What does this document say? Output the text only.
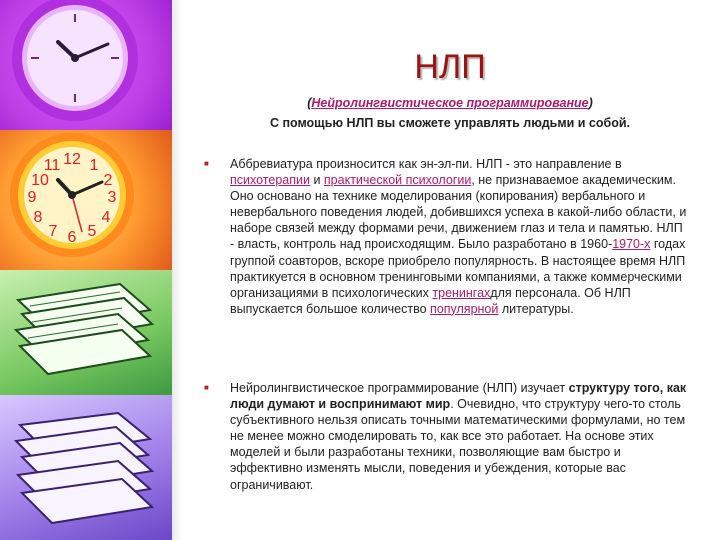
12 1
2
3
4
5
6
7
8
9
10
11
НЛП
(Нейролингвистическое программирование)
С помощью НЛП вы сможете управлять людьми и собой.
■ Аббревиатура произносится как эн-эл-пи. НЛП - это направление в психотерапии и практической психологии, не признаваемое академическим. Оно основано на технике моделирования (копирования) вербального и невербального поведения людей, добившихся успеха в какой-либо области, и наборе связей между формами речи, движением глаз и тела и памятью. НЛП - власть, контроль над происходящим. Было разработано в 1960-1970-х годах группой соавторов, вскоре приобрело популярность. В настоящее время НЛП практикуется в основном тренинговыми компаниями, а также коммерческими организациями в психологических тренингахдля персонала. Об НЛП выпускается большое количество популярной литературы.
■ Нейролингвистическое программирование (НЛП) изучает структуру того, как люди думают и воспринимают мир. Очевидно, что структуру чего-то столь субъективного нельзя описать точными математическими формулами, но тем не менее можно смоделировать то, как все это работает. На основе этих моделей и были разработаны техники, позволяющие вам быстро и эффективно изменять мысли, поведения и убеждения, которые вас ограничивают.
